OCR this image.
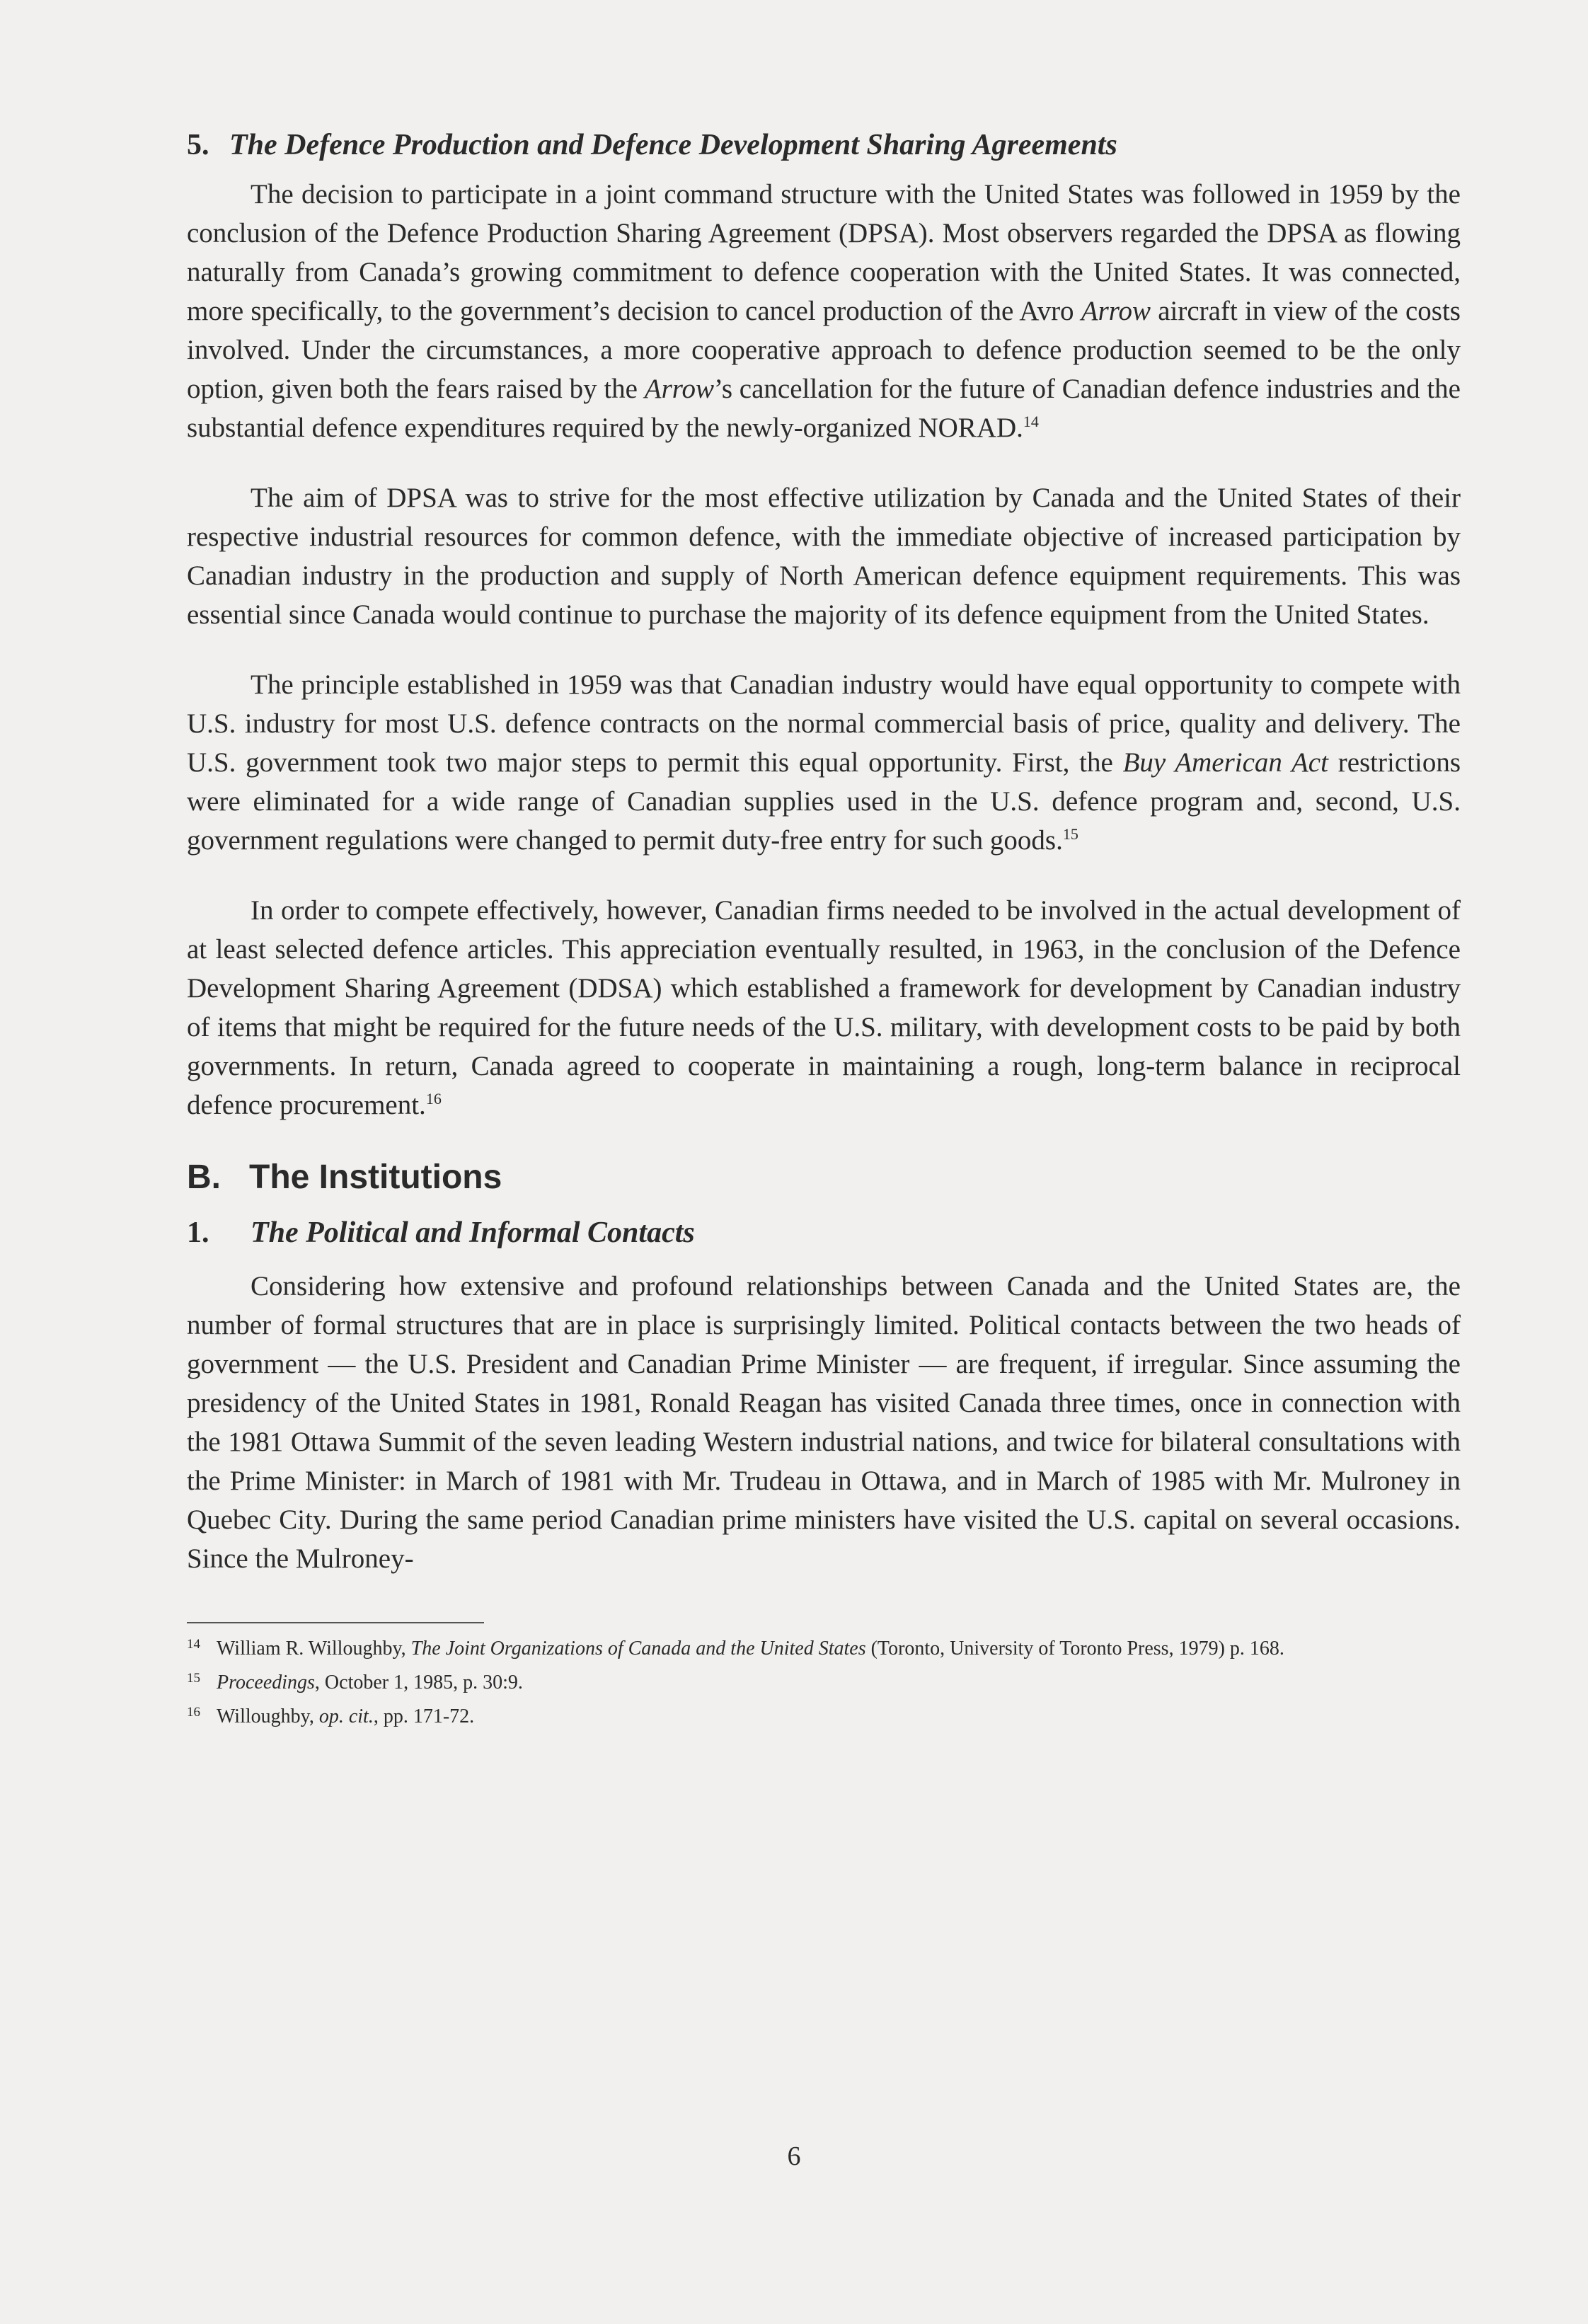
5. The Defence Production and Defence Development Sharing Agreements

The decision to participate in a joint command structure with the United States was followed in 1959 by the conclusion of the Defence Production Sharing Agreement (DPSA). Most observers regarded the DPSA as flowing naturally from Canada’s growing commitment to defence cooperation with the United States. It was connected, more specifically, to the government’s decision to cancel production of the Avro Arrow aircraft in view of the costs involved. Under the circumstances, a more cooperative approach to defence production seemed to be the only option, given both the fears raised by the Arrow’s cancellation for the future of Canadian defence industries and the substantial defence expenditures required by the newly-organized NORAD.$^{14}$

The aim of DPSA was to strive for the most effective utilization by Canada and the United States of their respective industrial resources for common defence, with the immediate objective of increased participation by Canadian industry in the production and supply of North American defence equipment requirements. This was essential since Canada would continue to purchase the majority of its defence equipment from the United States.

The principle established in 1959 was that Canadian industry would have equal opportunity to compete with U.S. industry for most U.S. defence contracts on the normal commercial basis of price, quality and delivery. The U.S. government took two major steps to permit this equal opportunity. First, the Buy American Act restrictions were eliminated for a wide range of Canadian supplies used in the U.S. defence program and, second, U.S. government regulations were changed to permit duty-free entry for such goods.$^{15}$

In order to compete effectively, however, Canadian firms needed to be involved in the actual development of at least selected defence articles. This appreciation eventually resulted, in 1963, in the conclusion of the Defence Development Sharing Agreement (DDSA) which established a framework for development by Canadian industry of items that might be required for the future needs of the U.S. military, with development costs to be paid by both governments. In return, Canada agreed to cooperate in maintaining a rough, long-term balance in reciprocal defence procurement.$^{16}$

B. The Institutions
1. The Political and Informal Contacts

Considering how extensive and profound relationships between Canada and the United States are, the number of formal structures that are in place is surprisingly limited. Political contacts between the two heads of government — the U.S. President and Canadian Prime Minister — are frequent, if irregular. Since assuming the presidency of the United States in 1981, Ronald Reagan has visited Canada three times, once in connection with the 1981 Ottawa Summit of the seven leading Western industrial nations, and twice for bilateral consultations with the Prime Minister: in March of 1981 with Mr. Trudeau in Ottawa, and in March of 1985 with Mr. Mulroney in Quebec City. During the same period Canadian prime ministers have visited the U.S. capital on several occasions. Since the Mulroney-

14 William R. Willoughby, The Joint Organizations of Canada and the United States (Toronto, University of Toronto Press, 1979) p. 168.
15 Proceedings, October 1, 1985, p. 30:9.
16 Willoughby, op. cit., pp. 171-72.
6
